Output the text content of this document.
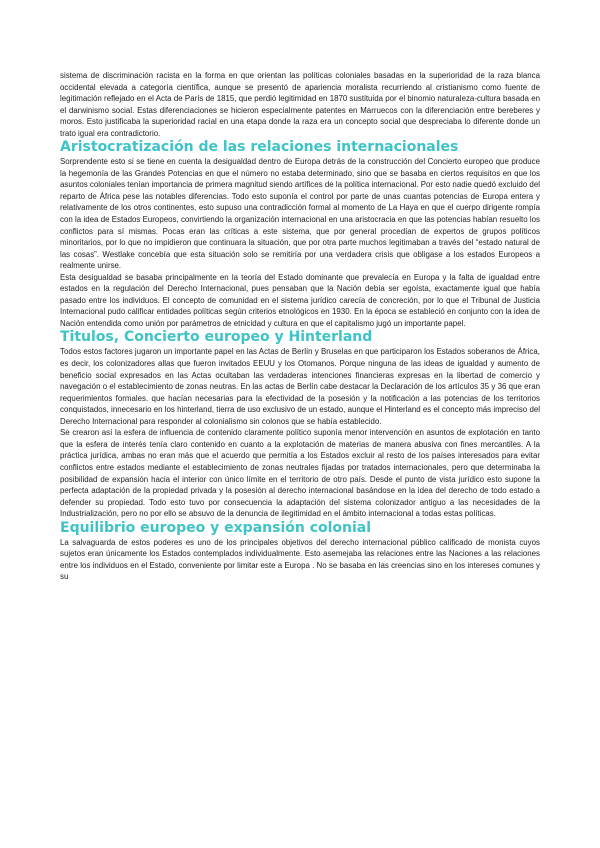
sistema de discriminación racista en la forma en que orientan las políticas coloniales basadas en la superioridad de la raza blanca occidental elevada a categoría científica, aunque se presentó de apariencia moralista recurriendo al cristianismo como fuente de legitimación reflejado en el Acta de París de 1815, que perdió legitimidad en 1870 sustituida por el binomio naturaleza-cultura basada en el darwinismo social. Estas diferenciaciones se hicieron especialmente patentes en Marruecos con la diferenciación entre bereberes y moros. Esto justificaba la superioridad racial en una etapa donde la raza era un concepto social que despreciaba lo diferente donde un trato igual era contradictorio.

Aristocratización de las relaciones internacionales

Sorprendente esto si se tiene en cuenta la desigualdad dentro de Europa detrás de la construcción del Concierto europeo que produce la hegemonía de las Grandes Potencias en que el número no estaba determinado, sino que se basaba en ciertos requisitos en que los asuntos coloniales tenían importancia de primera magnitud siendo artífices de la política internacional. Por esto nadie quedó excluido del reparto de África pese las notables diferencias. Todo esto suponía el control por parte de unas cuantas potencias de Europa entera y relativamente de los otros continentes, esto supuso una contradicción formal al momento de La Haya en que el cuerpo dirigente rompía con la idea de Estados Europeos, convirtiendo la organización internacional en una aristocracia en que las potencias habían resuelto los conflictos para sí mismas. Pocas eran las críticas a este sistema, que por general procedían de expertos de grupos políticos minoritarios, por lo que no impidieron que continuara la situación, que por otra parte muchos legitimaban a través del “estado natural de las cosas”. Westlake concebía que esta situación solo se remitiría por una verdadera crisis que obligase a los estados Europeos a realmente unirse.

Esta desigualdad se basaba principalmente en la teoría del Estado dominante que prevalecía en Europa y la falta de igualdad entre estados en la regulación del Derecho Internacional, pues pensaban que la Nación debía ser egoísta, exactamente igual que había pasado entre los individuos. El concepto de comunidad en el sistema jurídico carecía de concreción, por lo que el Tribunal de Justicia Internacional pudo calificar entidades políticas según criterios etnológicos en 1930. En la época se estableció en conjunto con la idea de Nación entendida como unión por parámetros de etnicidad y cultura en que el capitalismo jugó un importante papel.

Titulos, Concierto europeo y Hinterland

Todos estos factores jugaron un importante papel en las Actas de Berlín y Bruselas en que participaron los Estados soberanos de África, es decir, los colonizadores allas que fueron invitados EEUU y los Otomanos. Porque ninguna de las ideas de igualdad y aumento de beneficio social expresados en las Actas ocultaban las verdaderas intenciones financieras expresas en la libertad de comercio y navegación o el establecimiento de zonas neutras. En las actas de Berlín cabe destacar la Declaración de los artículos 35 y 36 que eran requerimientos formales. que hacían necesarias para la efectividad de la posesión y la notificación a las potencias de los territorios conquistados, innecesario en los hinterland, tierra de uso exclusivo de un estado, aunque el Hinterland es el concepto más impreciso del Derecho Internacional para responder al colonialismo sin colonos que se había establecido.

Se crearon así la esfera de influencia de contenido claramente político suponía menor intervención en asuntos de explotación en tanto que la esfera de interés tenía claro contenido en cuanto a la explotación de materias de manera abusiva con fines mercantiles. A la práctica jurídica, ambas no eran más que el acuerdo que permitía a los Estados excluir al resto de los países interesados para evitar conflictos entre estados mediante el establecimiento de zonas neutrales fijadas por tratados internacionales, pero que determinaba la posibilidad de expansión hacia el interior con único límite en el territorio de otro país. Desde el punto de vista jurídico esto supone la perfecta adaptación de la propiedad privada y la posesión al derecho internacional basándose en la idea del derecho de todo estado a defender su propiedad. Todo esto tuvo por consecuencia la adaptación del sistema colonizador antiguo a las necesidades de la Industrialización, pero no por ello se absuvo de la denuncia de ilegitimidad en el ámbito internacional a todas estas políticas.

Equilibrio europeo y expansión colonial

La salvaguarda de estos poderes es uno de los principales objetivos del derecho internacional público calificado de monista cuyos sujetos eran únicamente los Estados contemplados individualmente. Esto asemejaba las relaciones entre las Naciones a las relaciones entre los individuos en el Estado, conveniente por limitar este a Europa . No se basaba en las creencias sino en los intereses comunes y su
